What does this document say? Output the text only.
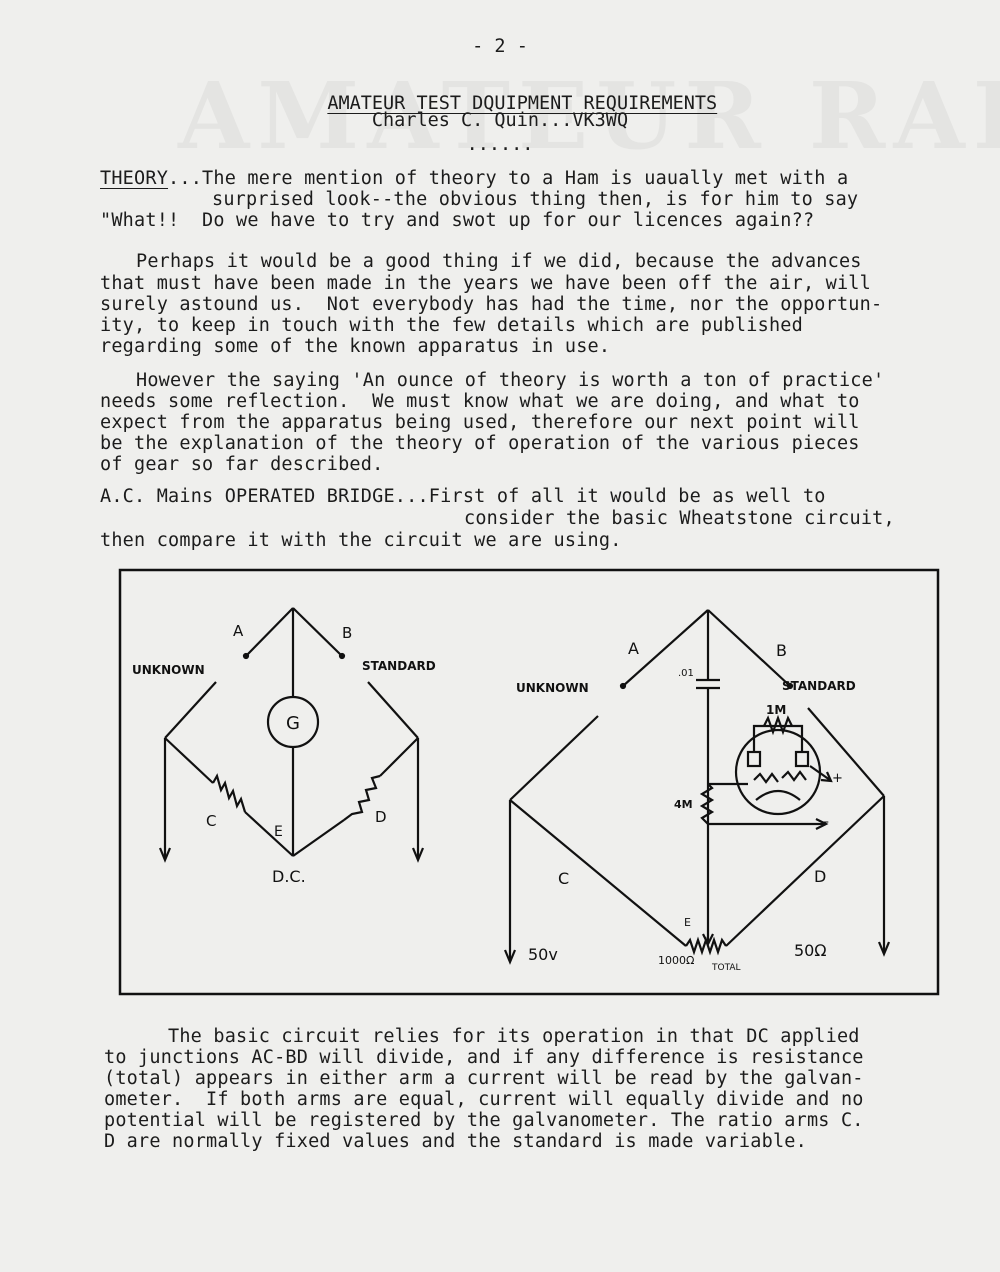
- 2 -

AMATEUR TEST DQUIPMENT REQUIREMENTS

Charles C. Quin...VK3WQ
......
THEORY...The mere mention of theory to a Ham is uaually met with a
surprised look--the obvious thing then, is for him to say
"What!!  Do we have to try and swot up for our licences again??
Perhaps it would be a good thing if we did, because the advances
that must have been made in the years we have been off the air, will
surely astound us.  Not everybody has had the time, nor the opportun-
ity, to keep in touch with the few details which are published
regarding some of the known apparatus in use.
However the saying 'An ounce of theory is worth a ton of practice'
needs some reflection.  We must know what we are doing, and what to
expect from the apparatus being used, therefore our next point will
be the explanation of the theory of operation of the various pieces
of gear so far described.
A.C. Mains OPERATED BRIDGE...First of all it would be as well to
consider the basic Wheatstone circuit,
then compare it with the circuit we are using.
A	B
UNKNOWN	STANDARD
G
C	D
E
D.C.
A	B
UNKNOWN	STANDARD
.01
1M
4M
+
–
C	D
E
50v	50Ω
1000Ω
TOTAL
The basic circuit relies for its operation in that DC applied
to junctions AC-BD will divide, and if any difference is resistance
(total) appears in either arm a current will be read by the galvan-
ometer.  If both arms are equal, current will equally divide and no
potential will be registered by the galvanometer. The ratio arms C.
D are normally fixed values and the standard is made variable.
